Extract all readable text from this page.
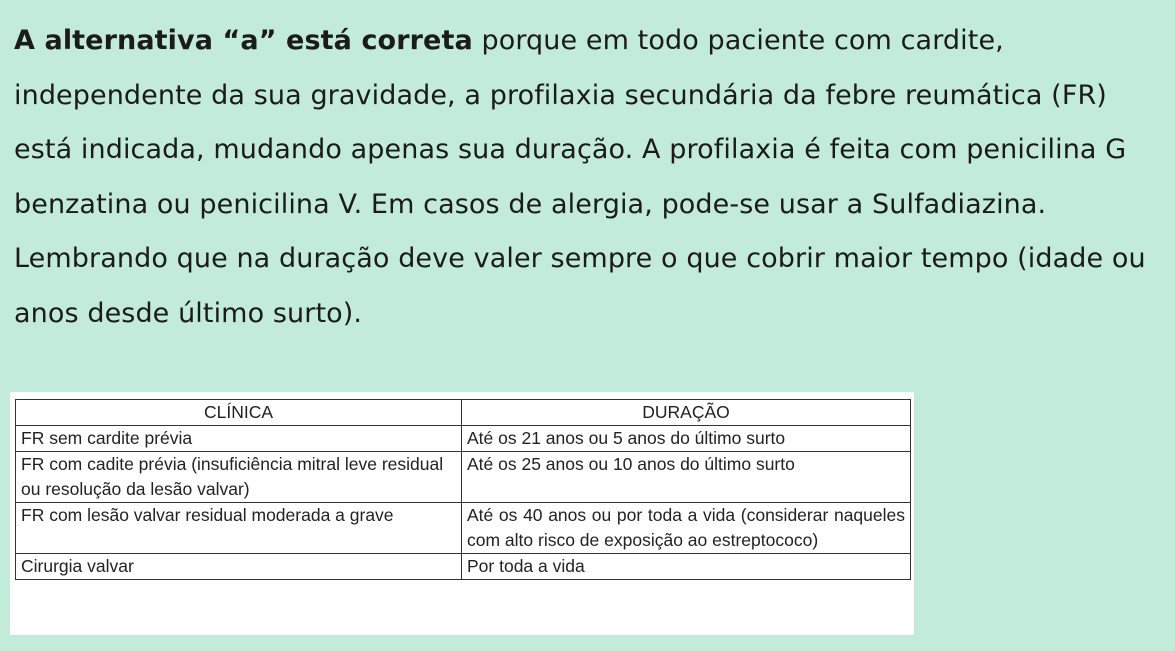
A alternativa “a” está correta porque em todo paciente com cardite, independente da sua gravidade, a profilaxia secundária da febre reumática (FR) está indicada, mudando apenas sua duração. A profilaxia é feita com penicilina G benzatina ou penicilina V. Em casos de alergia, pode-se usar a Sulfadiazina. Lembrando que na duração deve valer sempre o que cobrir maior tempo (idade ou anos desde último surto).

CLÍNICA	DURAÇÃO
FR sem cardite prévia	Até os 21 anos ou 5 anos do último surto
FR com cadite prévia (insuficiência mitral leve residual ou resolução da lesão valvar)	Até os 25 anos ou 10 anos do último surto
FR com lesão valvar residual moderada a grave	Até os 40 anos ou por toda a vida (considerar naqueles com alto risco de exposição ao estreptococo)
Cirurgia valvar	Por toda a vida
